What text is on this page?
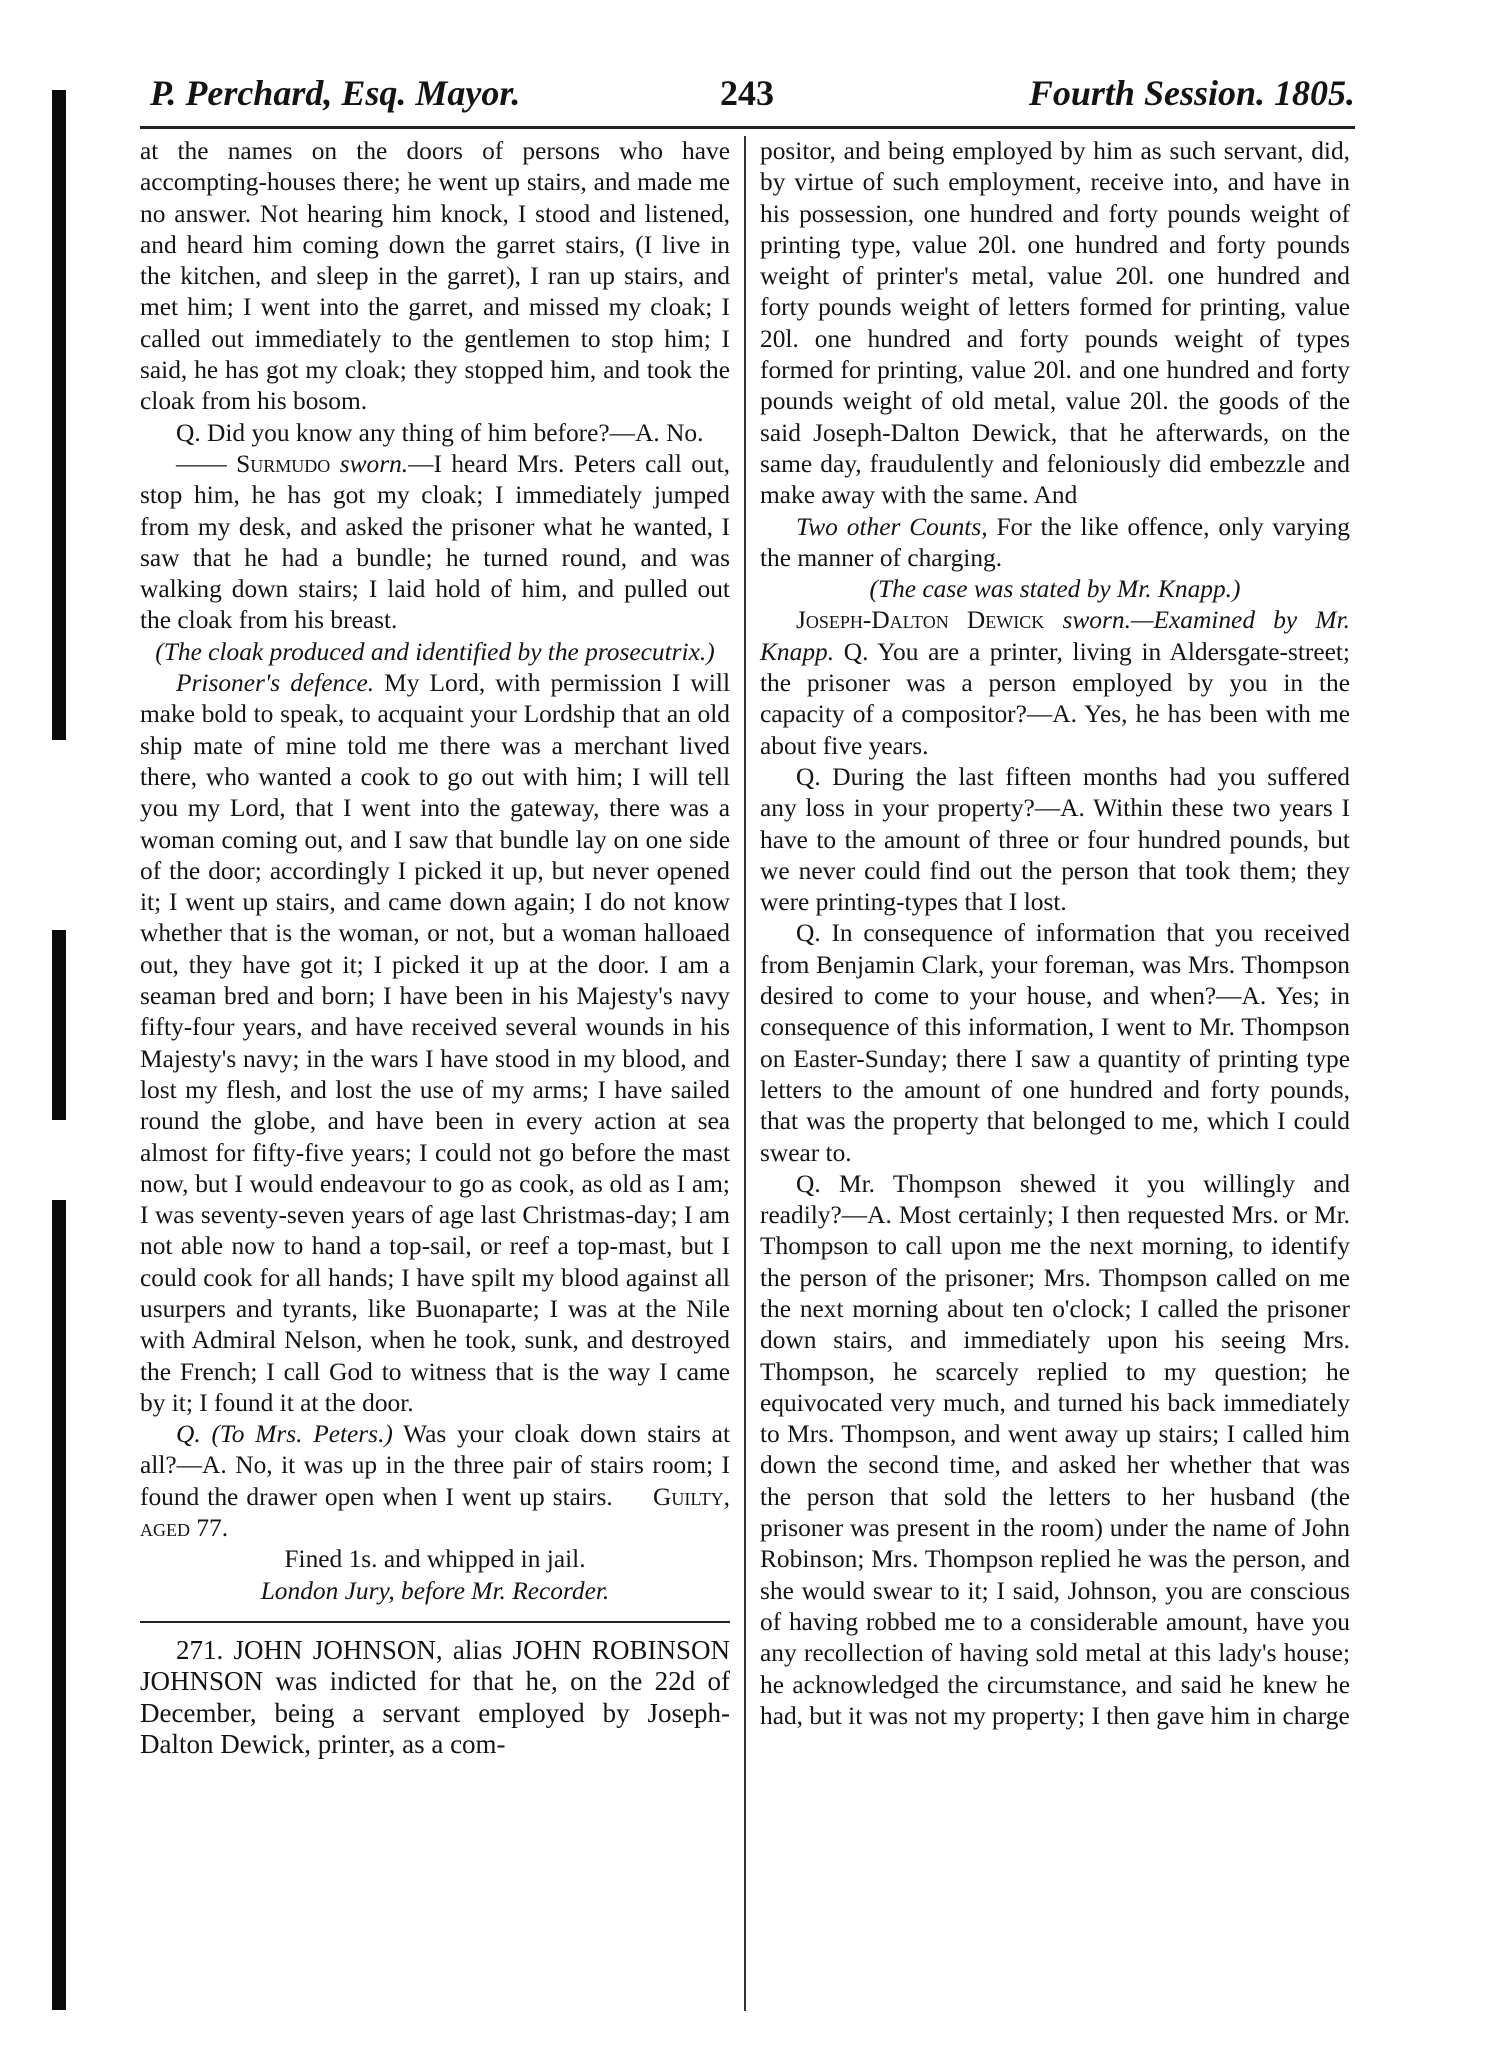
P. Perchard, Esq. Mayor.	243	Fourth Session. 1805.

at the names on the doors of persons who have accompting-houses there; he went up stairs, and made me no answer. Not hearing him knock, I stood and listened, and heard him coming down the garret stairs, (I live in the kitchen, and sleep in the garret), I ran up stairs, and met him; I went into the garret, and missed my cloak; I called out immediately to the gentlemen to stop him; I said, he has got my cloak; they stopped him, and took the cloak from his bosom.

Q. Did you know any thing of him before?—A. No.

—— Surmudo sworn.—I heard Mrs. Peters call out, stop him, he has got my cloak; I immediately jumped from my desk, and asked the prisoner what he wanted, I saw that he had a bundle; he turned round, and was walking down stairs; I laid hold of him, and pulled out the cloak from his breast.

(The cloak produced and identified by the prosecutrix.)

Prisoner's defence. My Lord, with permission I will make bold to speak, to acquaint your Lordship that an old ship mate of mine told me there was a merchant lived there, who wanted a cook to go out with him; I will tell you my Lord, that I went into the gateway, there was a woman coming out, and I saw that bundle lay on one side of the door; accordingly I picked it up, but never opened it; I went up stairs, and came down again; I do not know whether that is the woman, or not, but a woman halloaed out, they have got it; I picked it up at the door. I am a seaman bred and born; I have been in his Majesty's navy fifty-four years, and have received several wounds in his Majesty's navy; in the wars I have stood in my blood, and lost my flesh, and lost the use of my arms; I have sailed round the globe, and have been in every action at sea almost for fifty-five years; I could not go before the mast now, but I would endeavour to go as cook, as old as I am; I was seventy-seven years of age last Christmas-day; I am not able now to hand a top-sail, or reef a top-mast, but I could cook for all hands; I have spilt my blood against all usurpers and tyrants, like Buonaparte; I was at the Nile with Admiral Nelson, when he took, sunk, and destroyed the French; I call God to witness that is the way I came by it; I found it at the door.

Q. (To Mrs. Peters.) Was your cloak down stairs at all?—A. No, it was up in the three pair of stairs room; I found the drawer open when I went up stairs. Guilty, aged 77.

Fined 1s. and whipped in jail.

London Jury, before Mr. Recorder.

271. JOHN JOHNSON, alias JOHN ROBINSON JOHNSON was indicted for that he, on the 22d of December, being a servant employed by Joseph-Dalton Dewick, printer, as a com-

positor, and being employed by him as such servant, did, by virtue of such employment, receive into, and have in his possession, one hundred and forty pounds weight of printing type, value 20l. one hundred and forty pounds weight of printer's metal, value 20l. one hundred and forty pounds weight of letters formed for printing, value 20l. one hundred and forty pounds weight of types formed for printing, value 20l. and one hundred and forty pounds weight of old metal, value 20l. the goods of the said Joseph-Dalton Dewick, that he afterwards, on the same day, fraudulently and feloniously did embezzle and make away with the same. And

Two other Counts, For the like offence, only varying the manner of charging.

(The case was stated by Mr. Knapp.)

Joseph-Dalton Dewick sworn.—Examined by Mr. Knapp. Q. You are a printer, living in Aldersgate-street; the prisoner was a person employed by you in the capacity of a compositor?—A. Yes, he has been with me about five years.

Q. During the last fifteen months had you suffered any loss in your property?—A. Within these two years I have to the amount of three or four hundred pounds, but we never could find out the person that took them; they were printing-types that I lost.

Q. In consequence of information that you received from Benjamin Clark, your foreman, was Mrs. Thompson desired to come to your house, and when?—A. Yes; in consequence of this information, I went to Mr. Thompson on Easter-Sunday; there I saw a quantity of printing type letters to the amount of one hundred and forty pounds, that was the property that belonged to me, which I could swear to.

Q. Mr. Thompson shewed it you willingly and readily?—A. Most certainly; I then requested Mrs. or Mr. Thompson to call upon me the next morning, to identify the person of the prisoner; Mrs. Thompson called on me the next morning about ten o'clock; I called the prisoner down stairs, and immediately upon his seeing Mrs. Thompson, he scarcely replied to my question; he equivocated very much, and turned his back immediately to Mrs. Thompson, and went away up stairs; I called him down the second time, and asked her whether that was the person that sold the letters to her husband (the prisoner was present in the room) under the name of John Robinson; Mrs. Thompson replied he was the person, and she would swear to it; I said, Johnson, you are conscious of having robbed me to a considerable amount, have you any recollection of having sold metal at this lady's house; he acknowledged the circumstance, and said he knew he had, but it was not my property; I then gave him in charge
